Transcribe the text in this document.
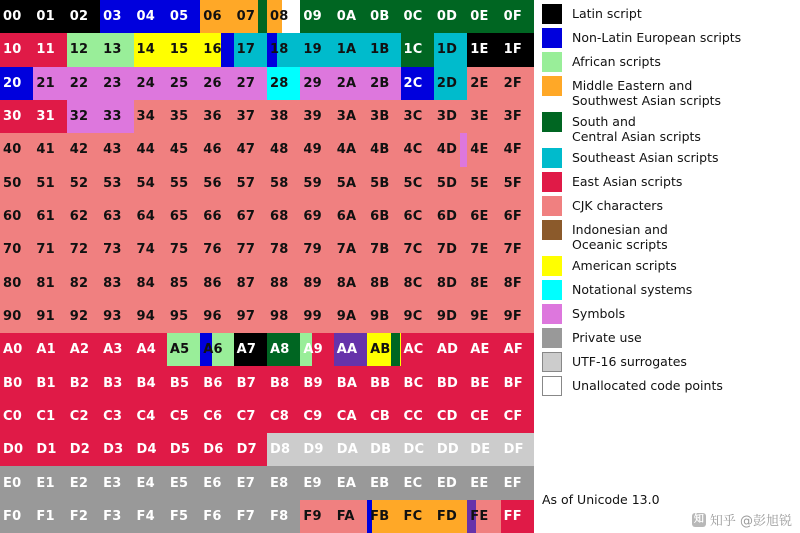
00 01 02 03 04 05 06 07 08 09 0A 0B 0C 0D 0E 0F
10 11 12 13 14 15 16 17 18 19 1A 1B 1C 1D 1E 1F
20 21 22 23 24 25 26 27 28 29 2A 2B 2C 2D 2E 2F
30 31 32 33 34 35 36 37 38 39 3A 3B 3C 3D 3E 3F
40 41 42 43 44 45 46 47 48 49 4A 4B 4C 4D 4E 4F
50 51 52 53 54 55 56 57 58 59 5A 5B 5C 5D 5E 5F
60 61 62 63 64 65 66 67 68 69 6A 6B 6C 6D 6E 6F
70 71 72 73 74 75 76 77 78 79 7A 7B 7C 7D 7E 7F
80 81 82 83 84 85 86 87 88 89 8A 8B 8C 8D 8E 8F
90 91 92 93 94 95 96 97 98 99 9A 9B 9C 9D 9E 9F
A0 A1 A2 A3 A4 A5 A6 A7 A8 A9 AA AB AC AD AE AF
B0 B1 B2 B3 B4 B5 B6 B7 B8 B9 BA BB BC BD BE BF
C0 C1 C2 C3 C4 C5 C6 C7 C8 C9 CA CB CC CD CE CF
D0 D1 D2 D3 D4 D5 D6 D7 D8 D9 DA DB DC DD DE DF
E0 E1 E2 E3 E4 E5 E6 E7 E8 E9 EA EB EC ED EE EF
F0 F1 F2 F3 F4 F5 F6 F7 F8 F9 FA FB FC FD FE FF
Latin script
Non-Latin European scripts
African scripts
Middle Eastern and
Southwest Asian scripts
South and
Central Asian scripts
Southeast Asian scripts
East Asian scripts
CJK characters
Indonesian and
Oceanic scripts
American scripts
Notational systems
Symbols
Private use
UTF-16 surrogates
Unallocated code points
As of Unicode 13.0
知 知乎 @彭旭锐
